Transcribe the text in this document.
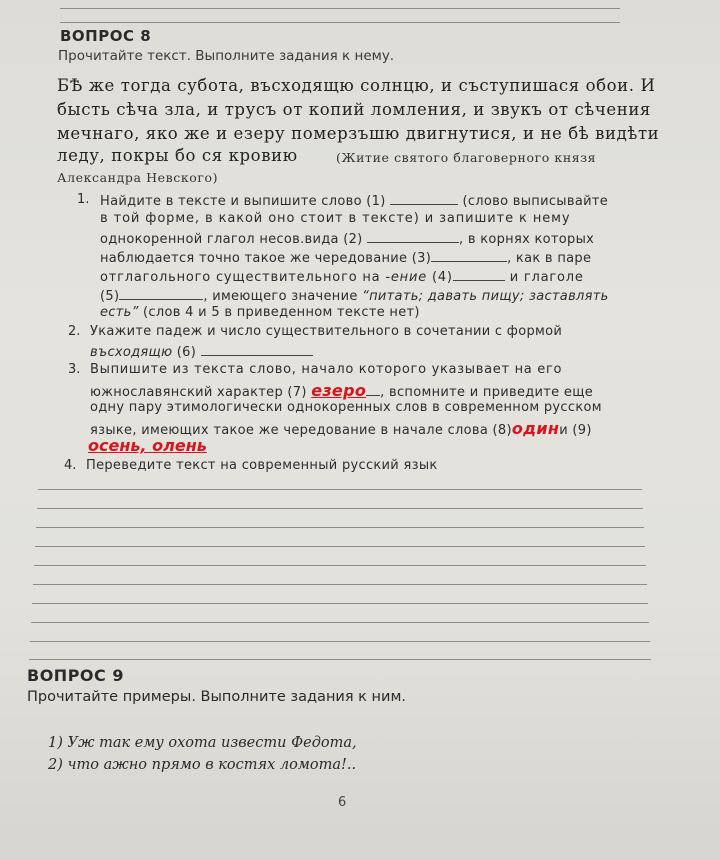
ВОПРОС 8
Прочитайте текст. Выполните задания к нему.
БѢ же тогда субота, въсходящю солнцю, и съступишася обои. И
бысть сѣча зла, и трусъ от копий ломления, и звукъ от сѣчения
мечнаго, яко же и езеру померзъшю двигнутися, и не бѣ видѣти
леду, покры бо ся кровию	(Житие святого благоверного князя
Александра Невского)
1. Найдите в тексте и выпишите слово (1)	(слово выписывайте
в той форме, в какой оно стоит в тексте) и запишите к нему
однокоренной глагол несов.вида (2)	, в корнях которых
наблюдается точно такое же чередование (3)	, как в паре
отглагольного существительного на -ение (4)	и глаголе
(5)	, имеющего значение “питать; давать пищу; заставлять
есть” (слов 4 и 5 в приведенном тексте нет)
2. Укажите падеж и число существительного в сочетании с формой
въсходящю (6)
3. Выпишите из текста слово, начало которого указывает на его
южнославянский характер (7) езеро , вспомните и приведите еще
одну пару этимологически однокоренных слов в современном русском
языке, имеющих такое же чередование в начале слова (8)одини (9)
осень, олень
4. Переведите текст на современный русский язык
ВОПРОС 9
Прочитайте примеры. Выполните задания к ним.
1) Уж так ему охота извести Федота,
2) что ажно прямо в костях ломота!..
6
